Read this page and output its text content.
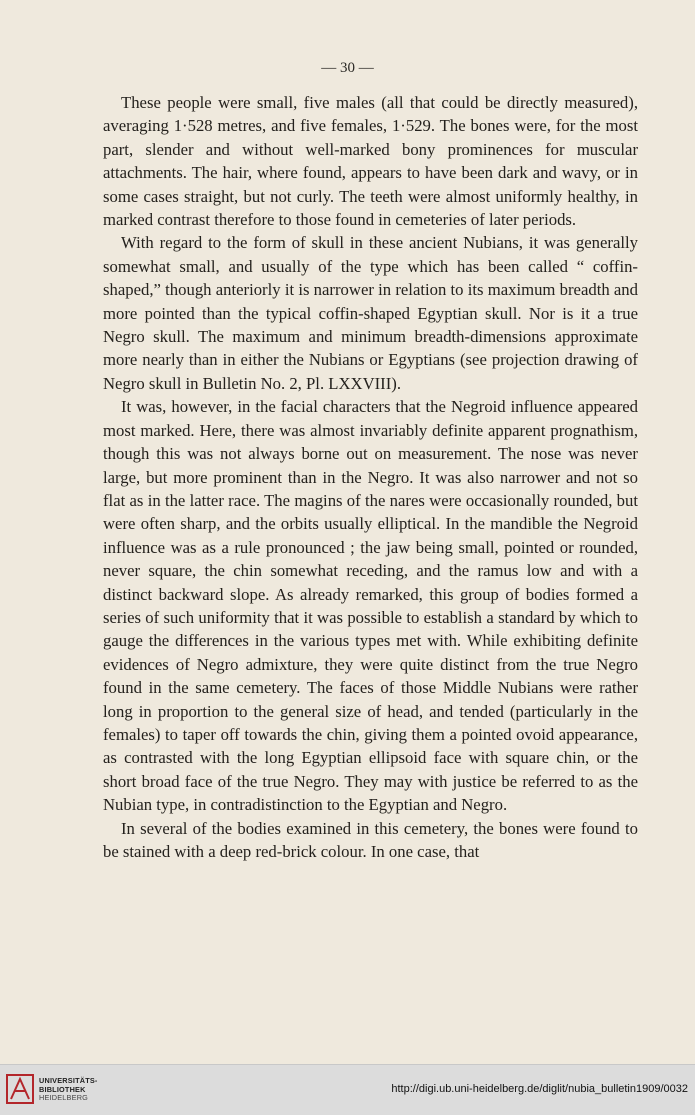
— 30 —

These people were small, five males (all that could be directly measured), averaging 1·528 metres, and five females, 1·529. The bones were, for the most part, slender and without well-marked bony prominences for muscular attachments. The hair, where found, appears to have been dark and wavy, or in some cases straight, but not curly. The teeth were almost uniformly healthy, in marked contrast therefore to those found in cemeteries of later periods.

With regard to the form of skull in these ancient Nubians, it was generally somewhat small, and usually of the type which has been called “ coffin-shaped,” though anteriorly it is narrower in relation to its maximum breadth and more pointed than the typical coffin-shaped Egyptian skull. Nor is it a true Negro skull. The maximum and minimum breadth-dimensions approximate more nearly than in either the Nubians or Egyptians (see projection drawing of Negro skull in Bulletin No. 2, Pl. LXXVIII).

It was, however, in the facial characters that the Negroid influence appeared most marked. Here, there was almost invariably definite apparent prognathism, though this was not always borne out on measurement. The nose was never large, but more prominent than in the Negro. It was also narrower and not so flat as in the latter race. The magins of the nares were occasionally rounded, but were often sharp, and the orbits usually elliptical. In the mandible the Negroid influence was as a rule pronounced ; the jaw being small, pointed or rounded, never square, the chin somewhat receding, and the ramus low and with a distinct backward slope. As already remarked, this group of bodies formed a series of such uniformity that it was possible to establish a standard by which to gauge the differences in the various types met with. While exhibiting definite evidences of Negro admixture, they were quite distinct from the true Negro found in the same cemetery. The faces of those Middle Nubians were rather long in proportion to the general size of head, and tended (particularly in the females) to taper off towards the chin, giving them a pointed ovoid appearance, as contrasted with the long Egyptian ellipsoid face with square chin, or the short broad face of the true Negro. They may with justice be referred to as the Nubian type, in contradistinction to the Egyptian and Negro.

In several of the bodies examined in this cemetery, the bones were found to be stained with a deep red-brick colour. In one case, that

UNIVERSITÄTS-
BIBLIOTHEK
HEIDELBERG
http://digi.ub.uni-heidelberg.de/diglit/nubia_bulletin1909/0032
